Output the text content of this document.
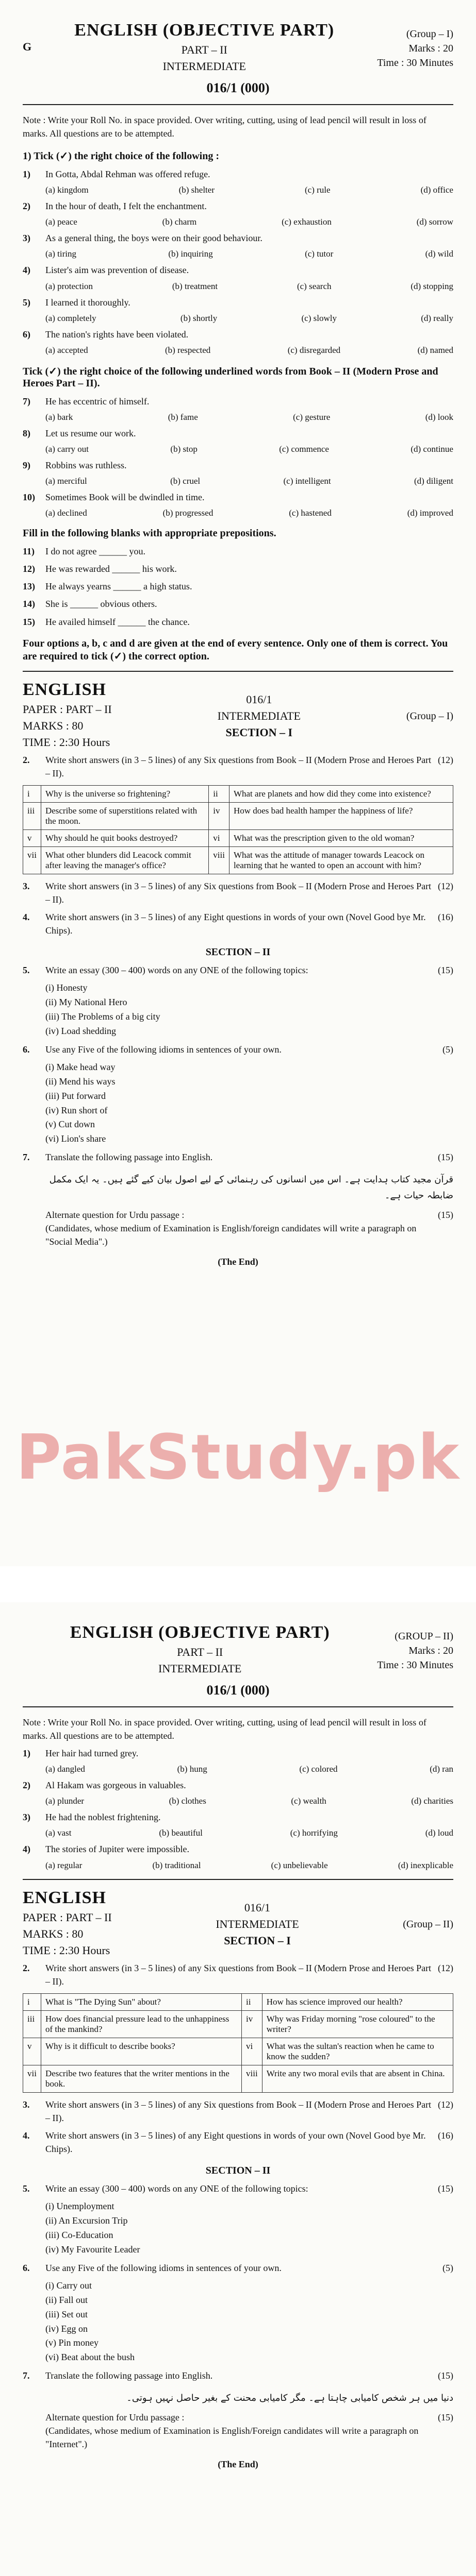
G
ENGLISH (OBJECTIVE PART)
PART – II
INTERMEDIATE
(Group – I)
Marks : 20
Time : 30 Minutes
016/1 (000)
Note : Write your Roll No. in space provided. Over writing, cutting, using of lead pencil will result in loss of marks. All questions are to be attempted.
1) Tick (✓) the right choice of the following :
1)	In Gotta, Abdal Rehman was offered refuge.
(a) kingdom	(b) shelter	(c) rule	(d) office
2)	In the hour of death, I felt the enchantment.
(a) peace	(b) charm	(c) exhaustion	(d) sorrow
3)	As a general thing, the boys were on their good behaviour.
(a) tiring	(b) inquiring	(c) tutor	(d) wild
4)	Lister's aim was prevention of disease.
(a) protection	(b) treatment	(c) search	(d) stopping
5)	I learned it thoroughly.
(a) completely	(b) shortly	(c) slowly	(d) really
6)	The nation's rights have been violated.
(a) accepted	(b) respected	(c) disregarded	(d) named
Tick (✓) the right choice of the following underlined words from Book – II (Modern Prose and Heroes Part – II).
7)	He has eccentric of himself.
(a) bark	(b) fame	(c) gesture	(d) look
8)	Let us resume our work.
(a) carry out	(b) stop	(c) commence	(d) continue
9)	Robbins was ruthless.
(a) merciful	(b) cruel	(c) intelligent	(d) diligent
10)	Sometimes Book will be dwindled in time.
(a) declined	(b) progressed	(c) hastened	(d) improved
Fill in the following blanks with appropriate prepositions.
11)	I do not agree ______ you.
12)	He was rewarded ______ his work.
13)	He always yearns ______ a high status.
14)	She is ______ obvious others.
15)	He availed himself ______ the chance.
Four options a, b, c and d are given at the end of every sentence. Only one of them is correct. You are required to tick (✓) the correct option.
ENGLISH
PAPER : PART – II
MARKS : 80
TIME : 2:30 Hours
016/1
INTERMEDIATE
SECTION – I
(Group – I)
2.	Write short answers (in 3 – 5 lines) of any Six questions from Book – II (Modern Prose and Heroes Part – II).
(12)
i	Why is the universe so frightening?	ii	What are planets and how did they come into existence?
iii	Describe some of superstitions related with the moon.	iv	How does bad health hamper the happiness of life?
v	Why should he quit books destroyed?	vi	What was the prescription given to the old woman?
vii	What other blunders did Leacock commit after leaving the manager's office?	viii	What was the attitude of manager towards Leacock on learning that he wanted to open an account with him?
3.	Write short answers (in 3 – 5 lines) of any Six questions from Book – II (Modern Prose and Heroes Part – II).
(12)
4.	Write short answers (in 3 – 5 lines) of any Eight questions in words of your own (Novel Good bye Mr. Chips).
(16)
SECTION – II
5.	Write an essay (300 – 400) words on any ONE of the following topics:	(15)
(i) Honesty
(ii) My National Hero
(iii) The Problems of a big city
(iv) Load shedding
6.	Use any Five of the following idioms in sentences of your own.	(5)
(i) Make head way
(ii) Mend his ways
(iii) Put forward
(iv) Run short of
(v) Cut down
(vi) Lion's share
7.	Translate the following passage into English.	(15)
قرآن مجید کتاب ہدایت ہے۔ اس میں انسانوں کی رہنمائی کے لیے اصول بیان کیے گئے ہیں۔ یہ ایک مکمل ضابطہ حیات ہے۔
Alternate question for Urdu passage :
(Candidates, whose medium of Examination is English/foreign candidates will write a paragraph on "Social Media".)
(15)
(The End)
PakStudy.pk
ENGLISH (OBJECTIVE PART)
PART – II
INTERMEDIATE
(GROUP – II)
Marks : 20
Time : 30 Minutes
016/1 (000)
Note : Write your Roll No. in space provided. Over writing, cutting, using of lead pencil will result in loss of marks. All questions are to be attempted.
1)	Her hair had turned grey.
(a) dangled	(b) hung	(c) colored	(d) ran
2)	Al Hakam was gorgeous in valuables.
(a) plunder	(b) clothes	(c) wealth	(d) charities
3)	He had the noblest frightening.
(a) vast	(b) beautiful	(c) horrifying	(d) loud
4)	The stories of Jupiter were impossible.
(a) regular	(b) traditional	(c) unbelievable	(d) inexplicable
ENGLISH
PAPER : PART – II
MARKS : 80
TIME : 2:30 Hours
016/1
INTERMEDIATE
SECTION – I
(Group – II)
2.	Write short answers (in 3 – 5 lines) of any Six questions from Book – II (Modern Prose and Heroes Part – II).
(12)
i	What is "The Dying Sun" about?	ii	How has science improved our health?
iii	How does financial pressure lead to the unhappiness of the mankind?	iv	Why was Friday morning "rose coloured" to the writer?
v	Why is it difficult to describe books?	vi	What was the sultan's reaction when he came to know the sudden?
vii	Describe two features that the writer mentions in the book.	viii	Write any two moral evils that are absent in China.
3.	Write short answers (in 3 – 5 lines) of any Six questions from Book – II (Modern Prose and Heroes Part – II).
(12)
4.	Write short answers (in 3 – 5 lines) of any Eight questions in words of your own (Novel Good bye Mr. Chips).
(16)
SECTION – II
5.	Write an essay (300 – 400) words on any ONE of the following topics:	(15)
(i) Unemployment
(ii) An Excursion Trip
(iii) Co-Education
(iv) My Favourite Leader
6.	Use any Five of the following idioms in sentences of your own.	(5)
(i) Carry out
(ii) Fall out
(iii) Set out
(iv) Egg on
(v) Pin money
(vi) Beat about the bush
7.	Translate the following passage into English.	(15)
دنیا میں ہر شخص کامیابی چاہتا ہے۔ مگر کامیابی محنت کے بغیر حاصل نہیں ہوتی۔
Alternate question for Urdu passage :
(Candidates, whose medium of Examination is English/Foreign candidates will write a paragraph on "Internet".)
(15)
(The End)
